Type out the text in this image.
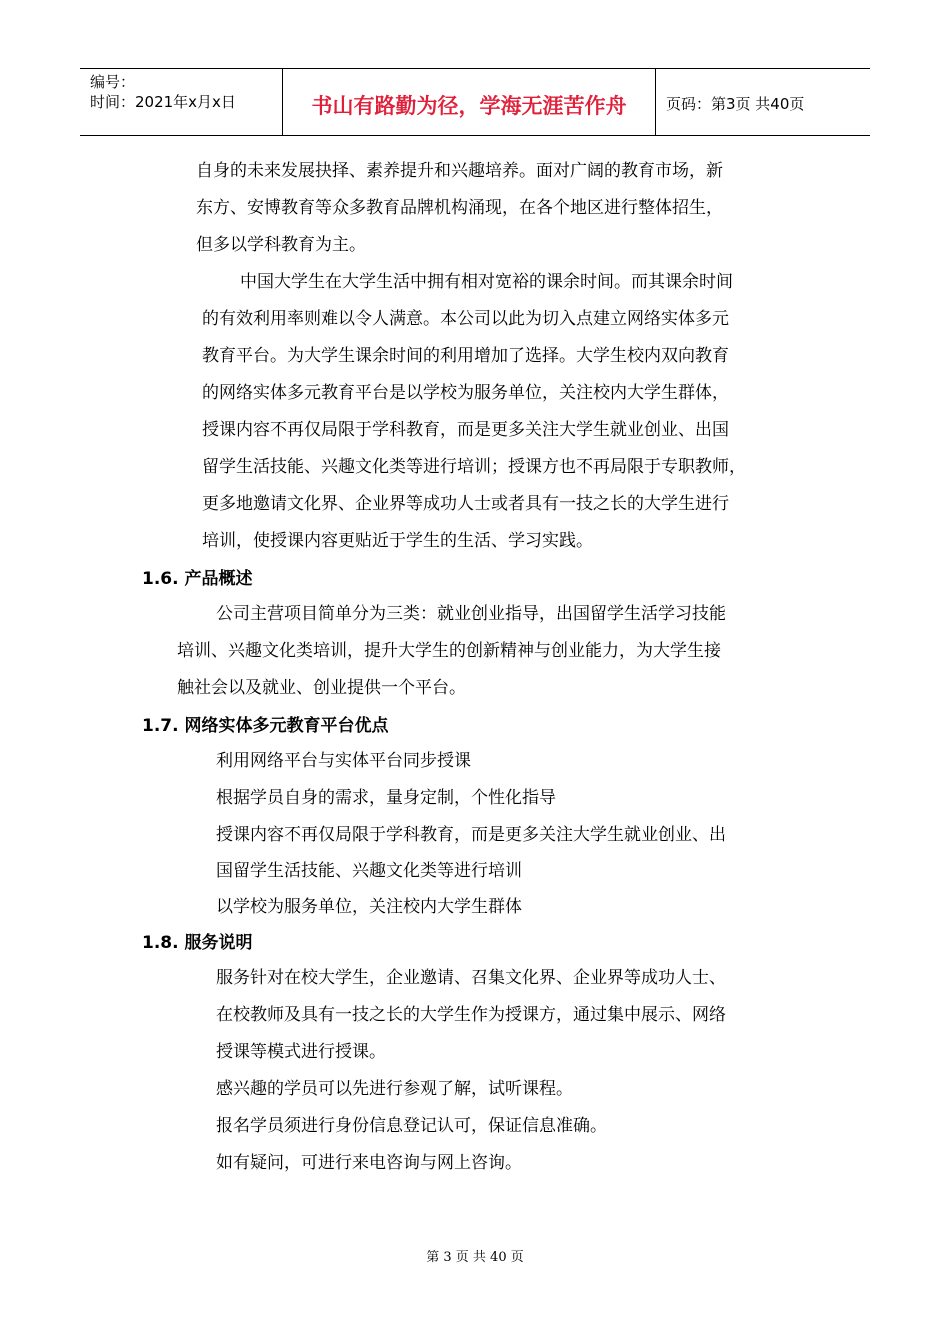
编号：
时间：2021年x月x日	书山有路勤为径，学海无涯苦作舟	页码：第3页 共40页
自身的未来发展抉择、素养提升和兴趣培养。面对广阔的教育市场，新
东方、安博教育等众多教育品牌机构涌现，在各个地区进行整体招生，
但多以学科教育为主。
中国大学生在大学生活中拥有相对宽裕的课余时间。而其课余时间
的有效利用率则难以令人满意。本公司以此为切入点建立网络实体多元
教育平台。为大学生课余时间的利用增加了选择。大学生校内双向教育
的网络实体多元教育平台是以学校为服务单位，关注校内大学生群体，
授课内容不再仅局限于学科教育，而是更多关注大学生就业创业、出国
留学生活技能、兴趣文化类等进行培训；授课方也不再局限于专职教师，
更多地邀请文化界、企业界等成功人士或者具有一技之长的大学生进行
培训，使授课内容更贴近于学生的生活、学习实践。
1.6. 产品概述
公司主营项目简单分为三类：就业创业指导，出国留学生活学习技能
培训、兴趣文化类培训，提升大学生的创新精神与创业能力，为大学生接
触社会以及就业、创业提供一个平台。
1.7. 网络实体多元教育平台优点
利用网络平台与实体平台同步授课
根据学员自身的需求，量身定制，个性化指导
授课内容不再仅局限于学科教育，而是更多关注大学生就业创业、出
国留学生活技能、兴趣文化类等进行培训
以学校为服务单位，关注校内大学生群体
1.8. 服务说明
服务针对在校大学生，企业邀请、召集文化界、企业界等成功人士、
在校教师及具有一技之长的大学生作为授课方，通过集中展示、网络
授课等模式进行授课。
感兴趣的学员可以先进行参观了解，试听课程。
报名学员须进行身份信息登记认可，保证信息准确。
如有疑问，可进行来电咨询与网上咨询。
第 3 页 共 40 页
